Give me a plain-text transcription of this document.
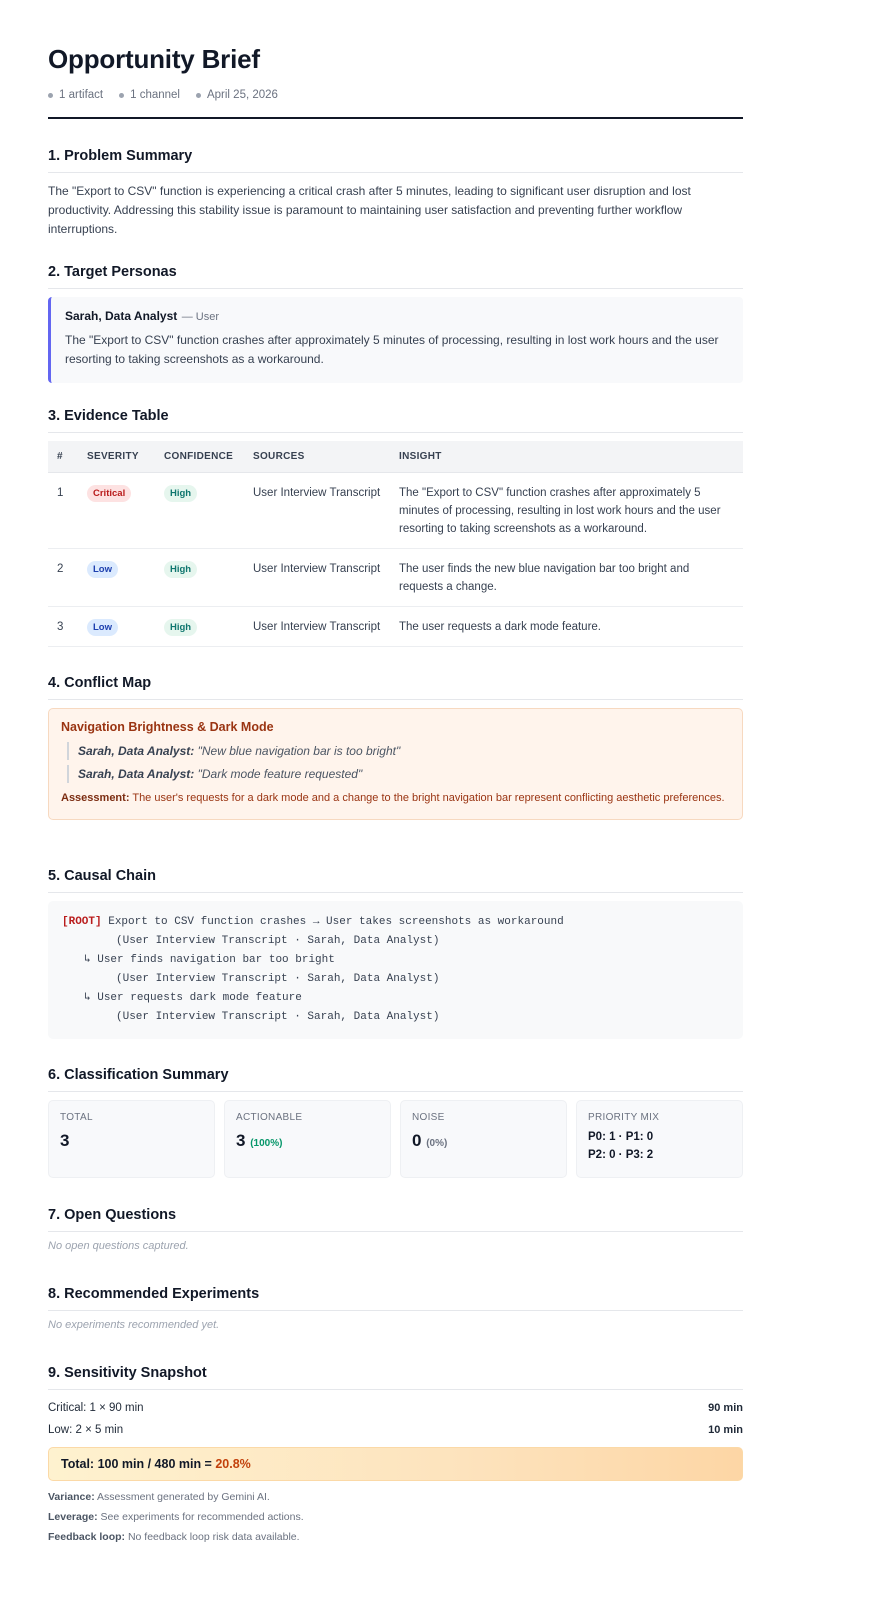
Opportunity Brief
1 artifact 1 channel April 25, 2026
1. Problem Summary

The "Export to CSV" function is experiencing a critical crash after 5 minutes, leading to significant user disruption and lost productivity. Addressing this stability issue is paramount to maintaining user satisfaction and preventing further workflow interruptions.

2. Target Personas
Sarah, Data Analyst — User

The "Export to CSV" function crashes after approximately 5 minutes of processing, resulting in lost work hours and the user resorting to taking screenshots as a workaround.

3. Evidence Table
#	SEVERITY	CONFIDENCE	SOURCES	INSIGHT
1	Critical	High	User Interview Transcript	The "Export to CSV" function crashes after approximately 5 minutes of processing, resulting in lost work hours and the user resorting to taking screenshots as a workaround.
2	Low	High	User Interview Transcript	The user finds the new blue navigation bar too bright and requests a change.
3	Low	High	User Interview Transcript	The user requests a dark mode feature.
4. Conflict Map
Navigation Brightness & Dark Mode
Sarah, Data Analyst: "New blue navigation bar is too bright"
Sarah, Data Analyst: "Dark mode feature requested"
Assessment: The user's requests for a dark mode and a change to the bright navigation bar represent conflicting aesthetic preferences.
5. Causal Chain
[ROOT] Export to CSV function crashes → User takes screenshots as workaround
(User Interview Transcript · Sarah, Data Analyst)
↳ User finds navigation bar too bright
(User Interview Transcript · Sarah, Data Analyst)
↳ User requests dark mode feature
(User Interview Transcript · Sarah, Data Analyst)
6. Classification Summary
TOTAL
3
ACTIONABLE
3 (100%)
NOISE
0 (0%)
PRIORITY MIX
P0: 1 · P1: 0
P2: 0 · P3: 2
7. Open Questions
No open questions captured.
8. Recommended Experiments
No experiments recommended yet.
9. Sensitivity Snapshot
Critical: 1 × 90 min	90 min
Low: 2 × 5 min	10 min
Total: 100 min / 480 min = 20.8%
Variance: Assessment generated by Gemini AI.
Leverage: See experiments for recommended actions.
Feedback loop: No feedback loop risk data available.
